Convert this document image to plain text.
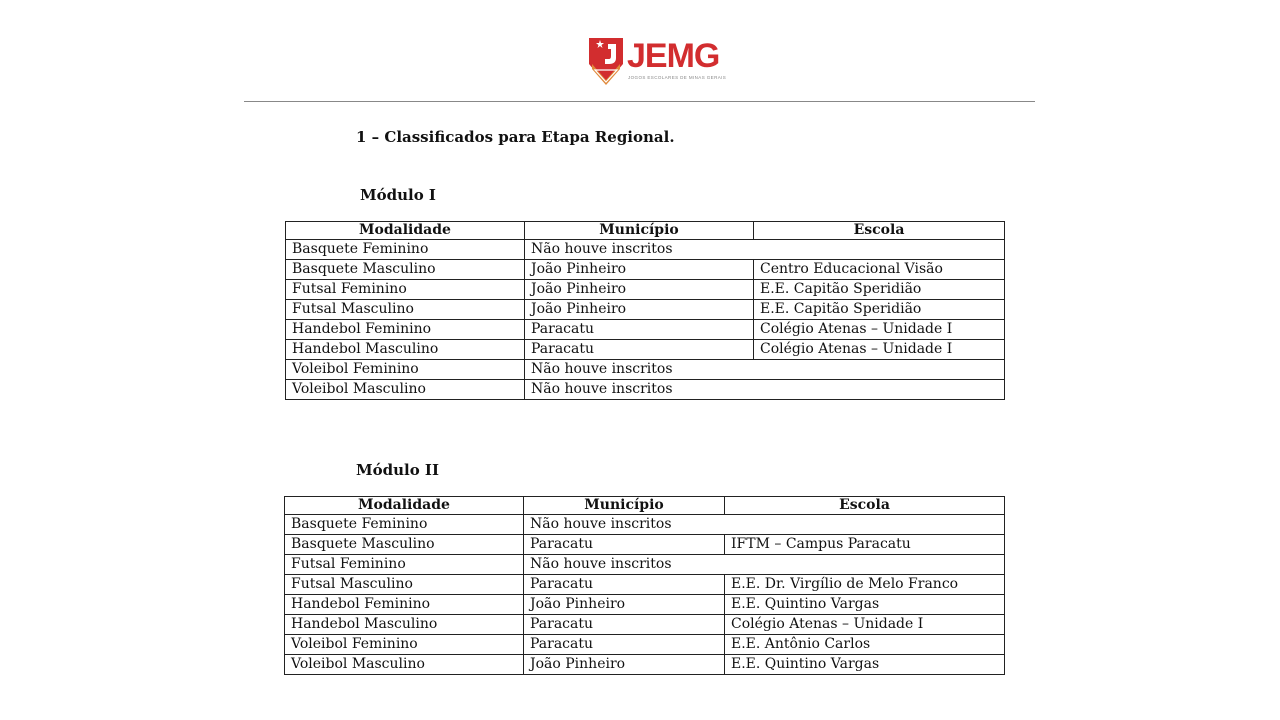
JEMG
JOGOS ESCOLARES DE MINAS GERAIS
1 – Classificados para Etapa Regional.
Módulo I
Modalidade	Município	Escola
Basquete Feminino	Não houve inscritos	
Basquete Masculino	João Pinheiro	Centro Educacional Visão
Futsal Feminino	João Pinheiro	E.E. Capitão Speridião
Futsal Masculino	João Pinheiro	E.E. Capitão Speridião
Handebol Feminino	Paracatu	Colégio Atenas – Unidade I
Handebol Masculino	Paracatu	Colégio Atenas – Unidade I
Voleibol Feminino	Não houve inscritos	
Voleibol Masculino	Não houve inscritos	
Módulo II
Modalidade	Município	Escola
Basquete Feminino	Não houve inscritos	
Basquete Masculino	Paracatu	IFTM – Campus Paracatu
Futsal Feminino	Não houve inscritos	
Futsal Masculino	Paracatu	E.E. Dr. Virgílio de Melo Franco
Handebol Feminino	João Pinheiro	E.E. Quintino Vargas
Handebol Masculino	Paracatu	Colégio Atenas – Unidade I
Voleibol Feminino	Paracatu	E.E. Antônio Carlos
Voleibol Masculino	João Pinheiro	E.E. Quintino Vargas
